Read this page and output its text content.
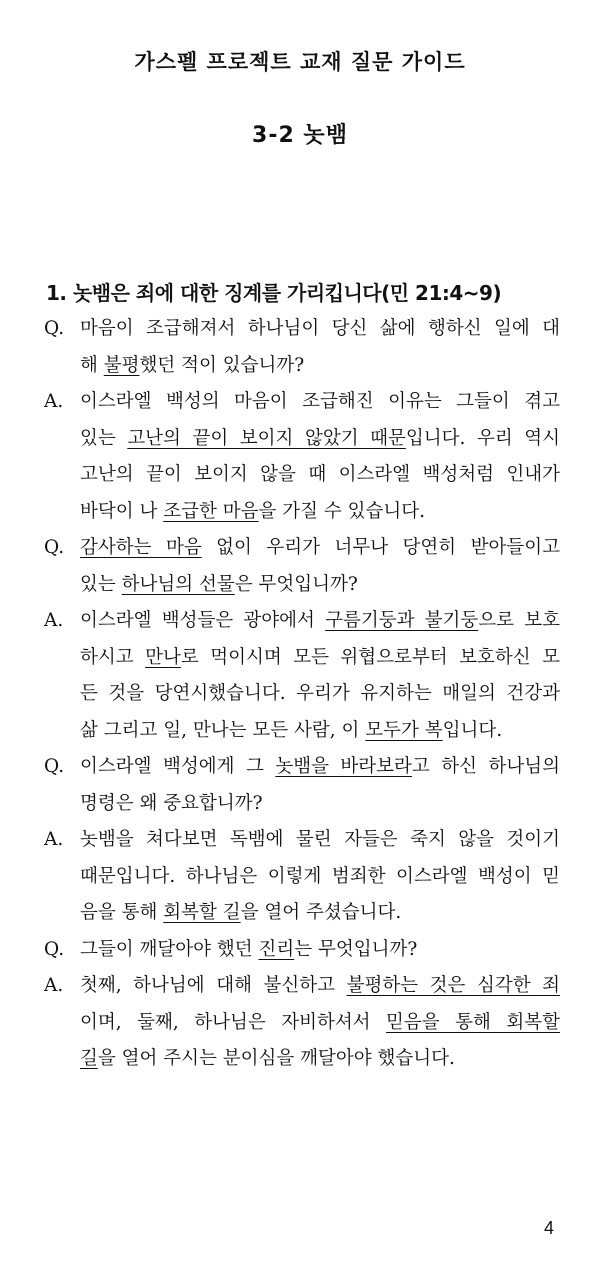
가스펠 프로젝트 교재 질문 가이드
3-2 놋뱀
1. 놋뱀은 죄에 대한 징계를 가리킵니다(민 21:4~9)
Q. 마음이 조급해져서 하나님이 당신 삶에 행하신 일에 대
해 불평했던 적이 있습니까?
A. 이스라엘 백성의 마음이 조급해진 이유는 그들이 겪고
있는 고난의 끝이 보이지 않았기 때문입니다. 우리 역시
고난의 끝이 보이지 않을 때 이스라엘 백성처럼 인내가
바닥이 나 조급한 마음을 가질 수 있습니다.
Q. 감사하는 마음 없이 우리가 너무나 당연히 받아들이고
있는 하나님의 선물은 무엇입니까?
A. 이스라엘 백성들은 광야에서 구름기둥과 불기둥으로 보호
하시고 만나로 먹이시며 모든 위협으로부터 보호하신 모
든 것을 당연시했습니다. 우리가 유지하는 매일의 건강과
삶 그리고 일, 만나는 모든 사람, 이 모두가 복입니다.
Q. 이스라엘 백성에게 그 놋뱀을 바라보라고 하신 하나님의
명령은 왜 중요합니까?
A. 놋뱀을 쳐다보면 독뱀에 물린 자들은 죽지 않을 것이기
때문입니다. 하나님은 이렇게 범죄한 이스라엘 백성이 믿
음을 통해 회복할 길을 열어 주셨습니다.
Q. 그들이 깨달아야 했던 진리는 무엇입니까?
A. 첫째, 하나님에 대해 불신하고 불평하는 것은 심각한 죄
이며, 둘째, 하나님은 자비하셔서 믿음을 통해 회복할
길을 열어 주시는 분이심을 깨달아야 했습니다.
4
